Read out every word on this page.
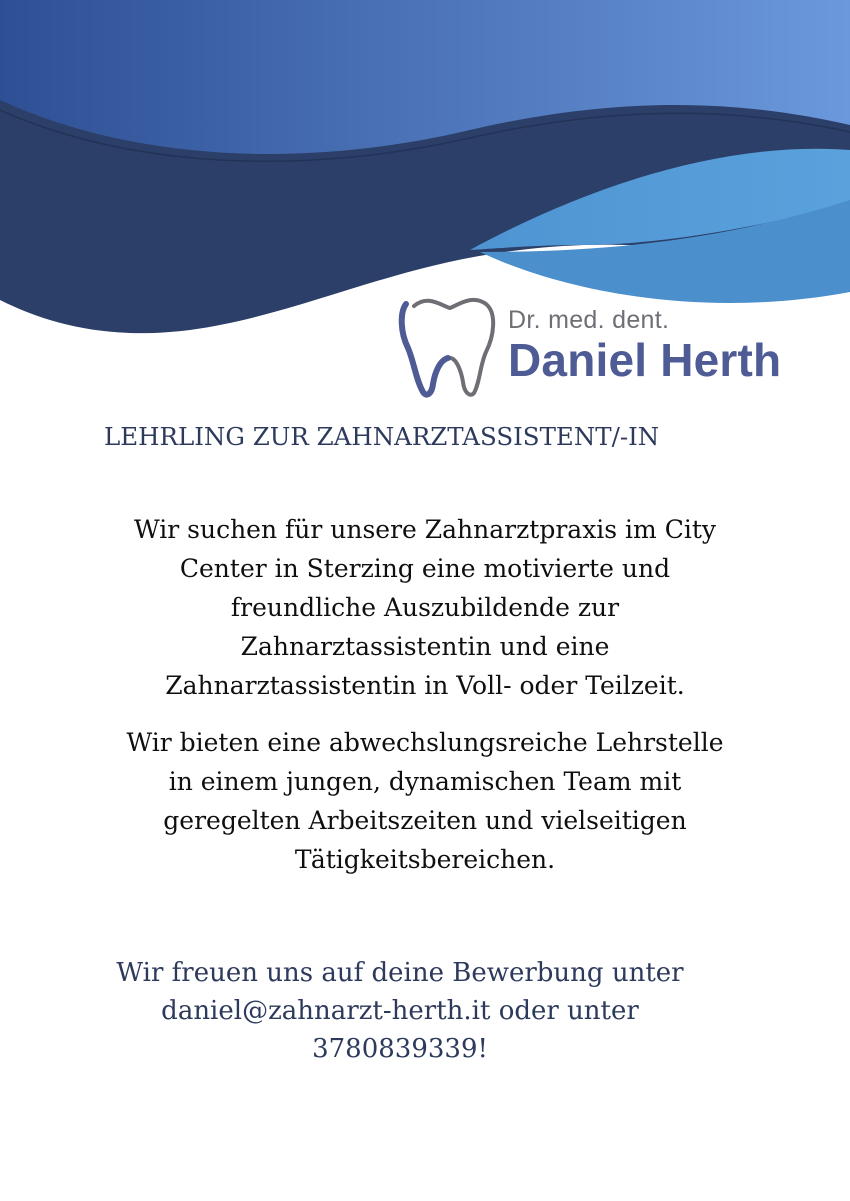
Dr. med. dent.
Daniel Herth
LEHRLING ZUR ZAHNARZTASSISTENT/-IN

Wir suchen für unsere Zahnarztpraxis im City Center in Sterzing eine motivierte und freundliche Auszubildende zur Zahnarztassistentin und eine Zahnarztassistentin in Voll- oder Teilzeit.

Wir bieten eine abwechslungsreiche Lehrstelle in einem jungen, dynamischen Team mit geregelten Arbeitszeiten und vielseitigen Tätigkeitsbereichen.

Wir freuen uns auf deine Bewerbung unter
daniel@zahnarzt-herth.it oder unter
3780839339!
